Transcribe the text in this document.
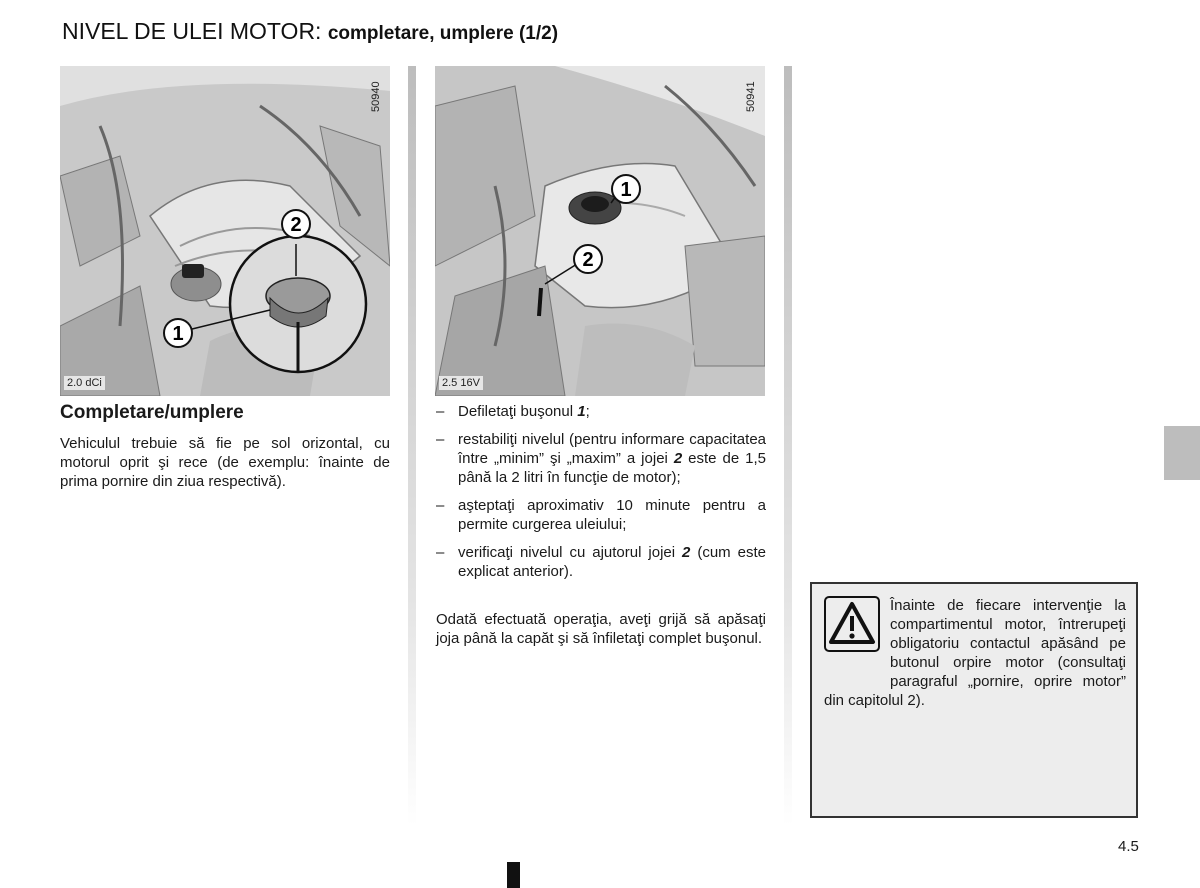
NIVEL DE ULEI MOTOR: completare, umplere (1/2)
2
1
2.0 dCi
50940
1
2
2.5 16V
50941
Completare/umplere

Vehiculul trebuie să fie pe sol orizontal, cu motorul oprit şi rece (de exemplu: înainte de prima pornire din ziua respectivă).

– Defiletaţi buşonul 1;
– restabiliţi nivelul (pentru informare capacitatea între „minim” şi „maxim” a jojei 2 este de 1,5 până la 2 litri în funcţie de motor);
– aşteptaţi aproximativ 10 minute pentru a permite curgerea uleiului;
– verificaţi nivelul cu ajutorul jojei 2 (cum este explicat anterior).

Odată efectuată operaţia, aveţi grijă să apăsaţi joja până la capăt şi să înfiletaţi complet buşonul.

Înainte de fiecare intervenţie la compartimentul motor, întrerupeţi obligatoriu contactul apăsând pe butonul orpire motor (consultaţi paragraful „pornire, oprire motor” din capitolul 2).

4.5
